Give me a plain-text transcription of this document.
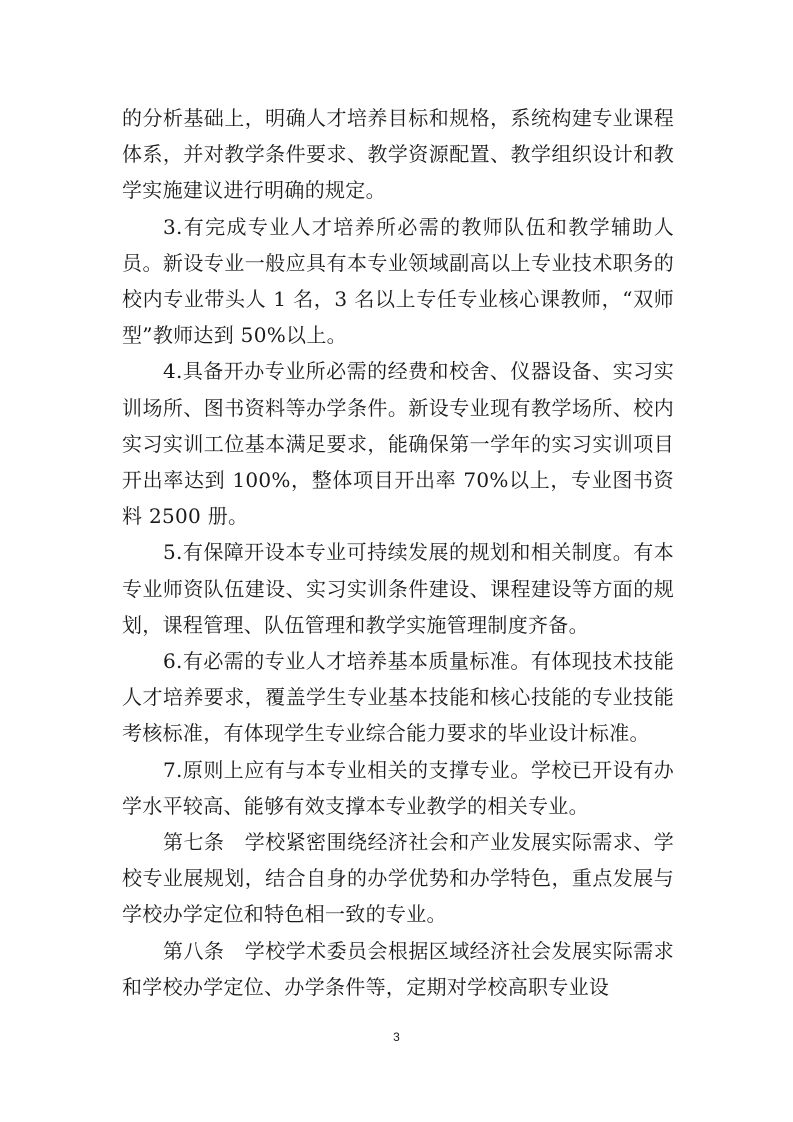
的分析基础上，明确人才培养目标和规格，系统构建专业课程体系，并对教学条件要求、教学资源配置、教学组织设计和教学实施建议进行明确的规定。

3.有完成专业人才培养所必需的教师队伍和教学辅助人员。新设专业一般应具有本专业领域副高以上专业技术职务的校内专业带头人 1 名，3 名以上专任专业核心课教师，“双师型”教师达到 50%以上。

4.具备开办专业所必需的经费和校舍、仪器设备、实习实训场所、图书资料等办学条件。新设专业现有教学场所、校内实习实训工位基本满足要求，能确保第一学年的实习实训项目开出率达到 100%，整体项目开出率 70%以上，专业图书资料 2500 册。

5.有保障开设本专业可持续发展的规划和相关制度。有本专业师资队伍建设、实习实训条件建设、课程建设等方面的规划，课程管理、队伍管理和教学实施管理制度齐备。

6.有必需的专业人才培养基本质量标准。有体现技术技能人才培养要求，覆盖学生专业基本技能和核心技能的专业技能考核标准，有体现学生专业综合能力要求的毕业设计标准。

7.原则上应有与本专业相关的支撑专业。学校已开设有办学水平较高、能够有效支撑本专业教学的相关专业。

第七条　学校紧密围绕经济社会和产业发展实际需求、学校专业展规划，结合自身的办学优势和办学特色，重点发展与学校办学定位和特色相一致的专业。

第八条　学校学术委员会根据区域经济社会发展实际需求和学校办学定位、办学条件等，定期对学校高职专业设

3
